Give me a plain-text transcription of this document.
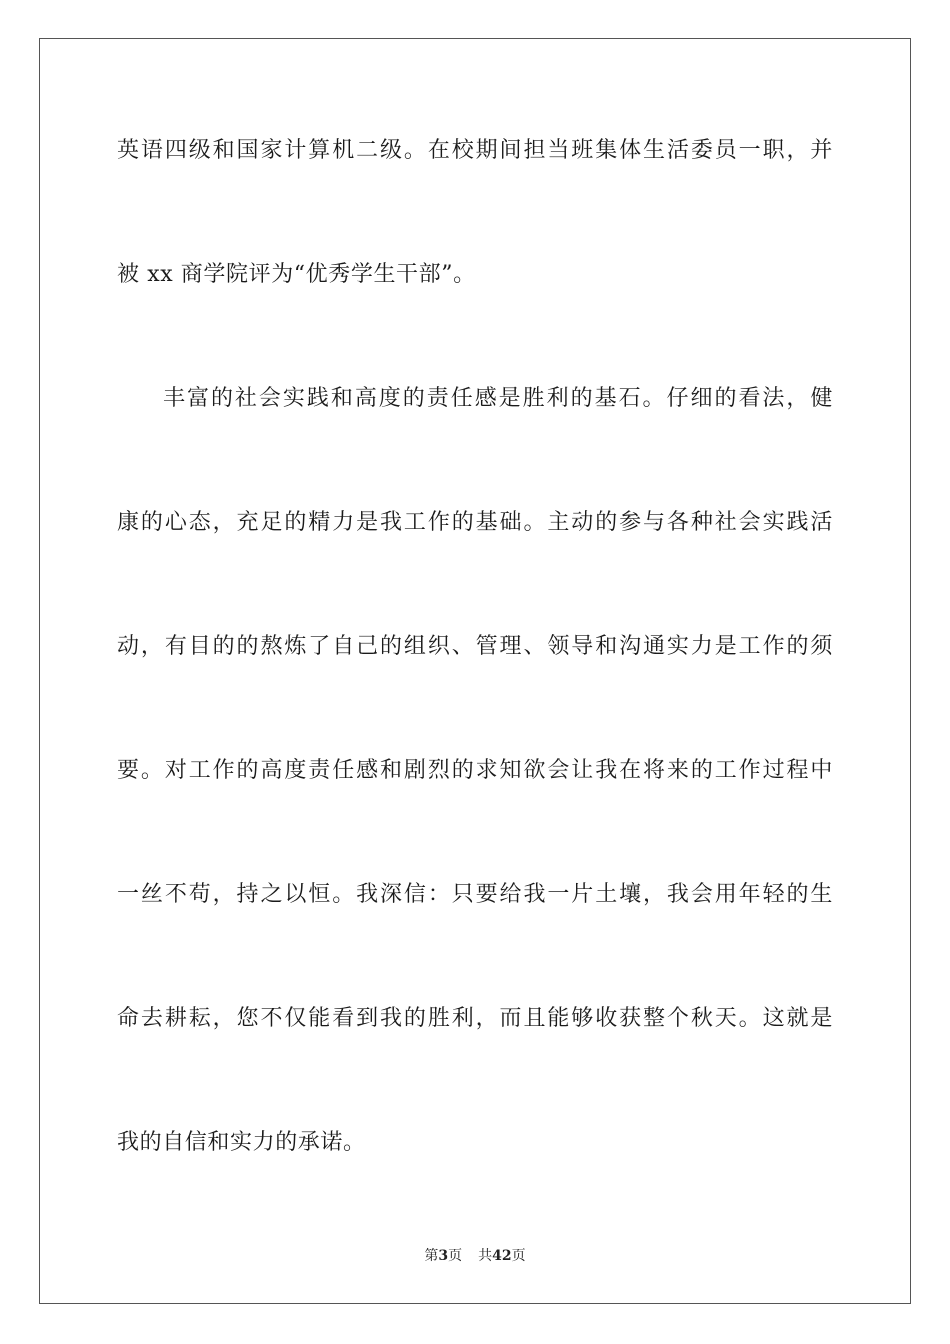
英语四级和国家计算机二级。在校期间担当班集体生活委员一职，并
被 xx 商学院评为“优秀学生干部”。
丰富的社会实践和高度的责任感是胜利的基石。仔细的看法，健
康的心态，充足的精力是我工作的基础。主动的参与各种社会实践活
动，有目的的熬炼了自己的组织、管理、领导和沟通实力是工作的须
要。对工作的高度责任感和剧烈的求知欲会让我在将来的工作过程中
一丝不苟，持之以恒。我深信：只要给我一片土壤，我会用年轻的生
命去耕耘，您不仅能看到我的胜利，而且能够收获整个秋天。这就是
我的自信和实力的承诺。
第3页 共42页
